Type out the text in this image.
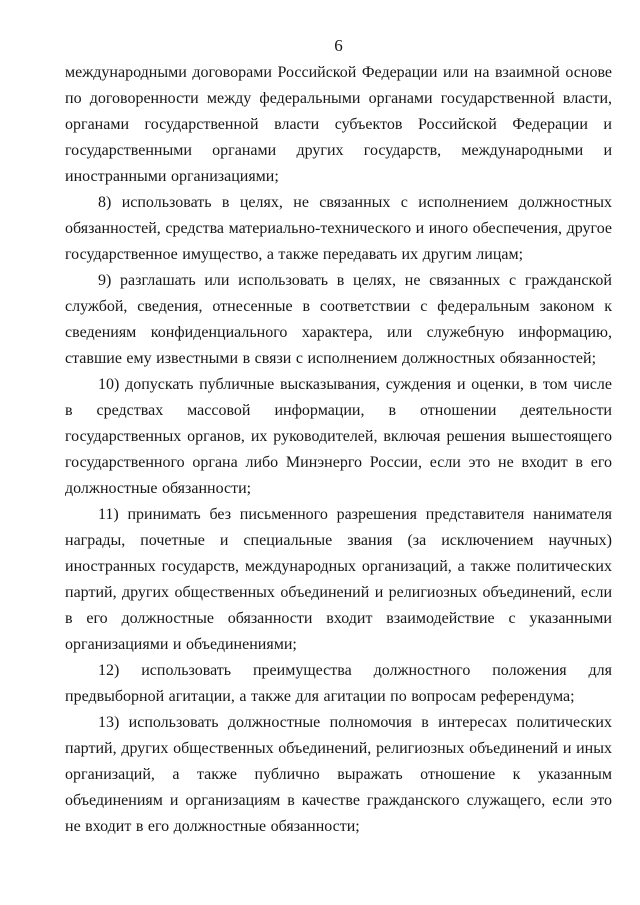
6

международными договорами Российской Федерации или на взаимной основе по договоренности между федеральными органами государственной власти, органами государственной власти субъектов Российской Федерации и государственными органами других государств, международными и иностранными организациями;

8) использовать в целях, не связанных с исполнением должностных обязанностей, средства материально-технического и иного обеспечения, другое государственное имущество, а также передавать их другим лицам;

9) разглашать или использовать в целях, не связанных с гражданской службой, сведения, отнесенные в соответствии с федеральным законом к сведениям конфиденциального характера, или служебную информацию, ставшие ему известными в связи с исполнением должностных обязанностей;

10) допускать публичные высказывания, суждения и оценки, в том числе в средствах массовой информации, в отношении деятельности государственных органов, их руководителей, включая решения вышестоящего государственного органа либо Минэнерго России, если это не входит в его должностные обязанности;

11) принимать без письменного разрешения представителя нанимателя награды, почетные и специальные звания (за исключением научных) иностранных государств, международных организаций, а также политических партий, других общественных объединений и религиозных объединений, если в его должностные обязанности входит взаимодействие с указанными организациями и объединениями;

12) использовать преимущества должностного положения для предвыборной агитации, а также для агитации по вопросам референдума;

13) использовать должностные полномочия в интересах политических партий, других общественных объединений, религиозных объединений и иных организаций, а также публично выражать отношение к указанным объединениям и организациям в качестве гражданского служащего, если это не входит в его должностные обязанности;
